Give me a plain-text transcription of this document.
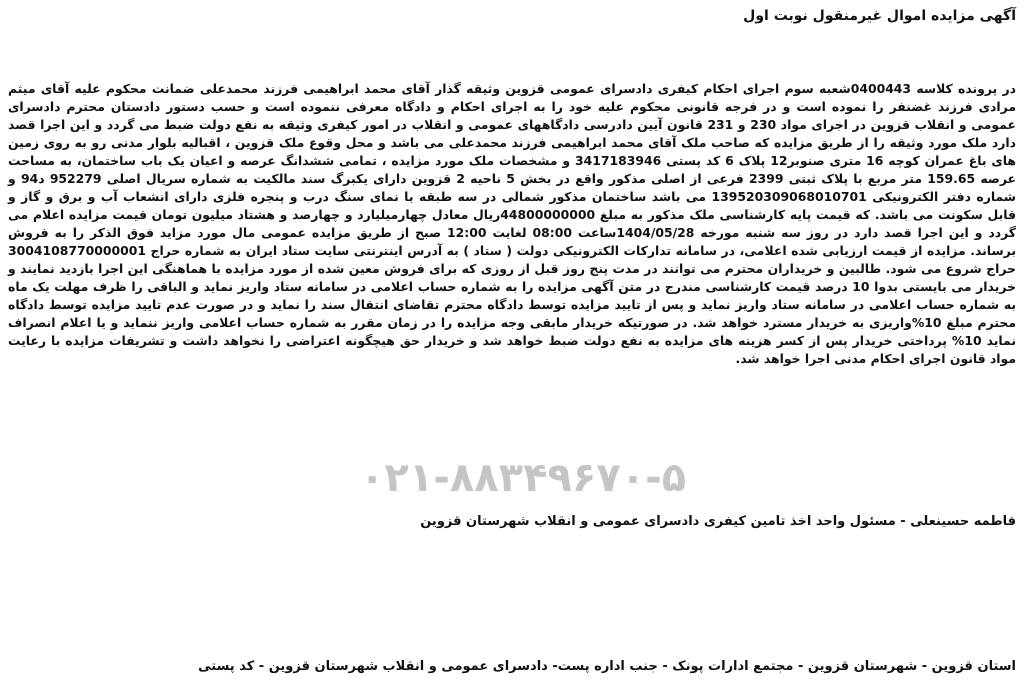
آگهی مزایده اموال غیرمنقول نوبت اول
در پرونده کلاسه 0400443شعبه سوم اجرای احکام کیفری دادسرای عمومی قزوین وثیقه گذار آقای محمد ابراهیمی فرزند محمدعلی ضمانت محکوم علیه آقای میثم مرادی فرزند غضنفر را نموده است و در فرجه قانونی محکوم علیه خود را به اجرای احکام و دادگاه معرفی ننموده است و حسب دستور دادستان محترم دادسرای عمومی و انقلاب قزوین در اجرای مواد 230 و 231 قانون آیین دادرسی دادگاههای عمومی و انقلاب در امور کیفری وثیقه به نفع دولت ضبط می گردد و این اجرا قصد دارد ملک مورد وثیقه را از طریق مزایده که صاحب ملک آقای محمد ابراهیمی فرزند محمدعلی می باشد و محل وقوع ملک قزوین ، اقبالیه بلوار مدنی رو به روی زمین های باغ عمران کوچه 16 متری صنوبر12 پلاک 6 کد پستی 3417183946 و مشخصات ملک مورد مزایده ، تمامی ششدانگ عرصه و اعیان یک باب ساختمان، به مساحت عرصه 159.65 متر مربع با پلاک ثبتی 2399 فرعی از اصلی مذکور واقع در بخش 5 ناحیه 2 قزوین دارای یکبرگ سند مالکیت به شماره سریال اصلی 952279 د94 و شماره دفتر الکترونیکی 139520309068010701 می باشد ساختمان مذکور شمالی در سه طبقه با نمای سنگ درب و پنجره فلزی دارای انشعاب آب و برق و گاز و قابل سکونت می باشد. که قیمت پایه کارشناسی ملک مذکور به مبلغ 44800000000ریال معادل چهارمیلیارد و چهارصد و هشتاد میلیون تومان قیمت مزایده اعلام می گردد و این اجرا قصد دارد در روز سه شنبه مورخه 1404/05/28ساعت 08:00 لغایت 12:00 صبح از طریق مزایده عمومی مال مورد مزاید فوق الذکر را به فروش برساند. مزایده از قیمت ارزیابی شده اعلامی، در سامانه تدارکات الکترونیکی دولت ( ستاد ) به آدرس اینترنتی سایت ستاد ایران به شماره حراج 3004108770000001 حراج شروع می شود. طالبین و خریداران محترم می توانند در مدت پنج روز قبل از روزی که برای فروش معین شده از مورد مزایده با هماهنگی این اجرا بازدید نمایند و خریدار می بایستی بدوا 10 درصد قیمت کارشناسی مندرج در متن آگهی مزایده را به شماره حساب اعلامی در سامانه ستاد واریز نماید و الباقی را ظرف مهلت یک ماه به شماره حساب اعلامی در سامانه ستاد واریز نماید و پس از تایید مزایده توسط دادگاه محترم تقاضای انتقال سند را نماید و در صورت عدم تایید مزایده توسط دادگاه محترم مبلغ 10%واریزی به خریدار مسترد خواهد شد. در صورتیکه خریدار مابقی وجه مزایده را در زمان مقرر به شماره حساب اعلامی واریز ننماید و یا اعلام انصراف نماید 10% پرداختی خریدار پس از کسر هزینه های مزایده به نفع دولت ضبط خواهد شد و خریدار حق هیچگونه اعتراضی را نخواهد داشت و تشریفات مزایده با رعایت مواد قانون اجرای احکام مدنی اجرا خواهد شد.
۰۲۱-۸۸۳۴۹۶۷۰-۵
فاطمه حسینعلی - مسئول واحد اخذ تامین کیفری دادسرای عمومی و انقلاب شهرستان قزوین
استان قزوین - شهرستان قزوین - مجتمع ادارات پونک - جنب اداره پست- دادسرای عمومی و انقلاب شهرستان قزوین - کد پستی
